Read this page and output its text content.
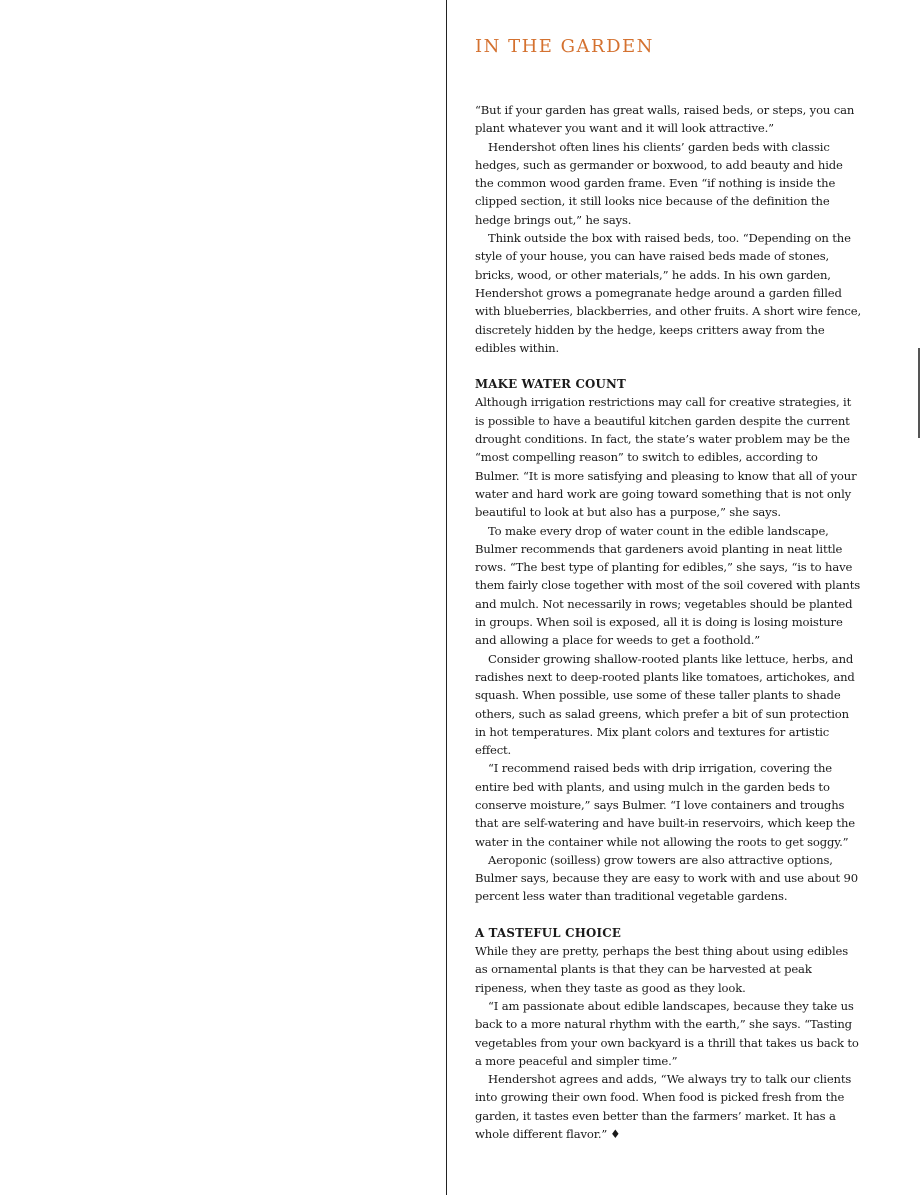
IN THE GARDEN

“But if your garden has great walls, raised beds, or steps, you can plant whatever you want and it will look attractive.”

Hendershot often lines his clients’ garden beds with classic hedges, such as germander or boxwood, to add beauty and hide the common wood garden frame. Even “if nothing is inside the clipped section, it still looks nice because of the definition the hedge brings out,” he says.

Think outside the box with raised beds, too. “Depending on the style of your house, you can have raised beds made of stones, bricks, wood, or other materials,” he adds. In his own garden, Hendershot grows a pomegranate hedge around a garden filled with blueberries, blackberries, and other fruits. A short wire fence, discretely hidden by the hedge, keeps critters away from the edibles within.

MAKE WATER COUNT

Although irrigation restrictions may call for creative strategies, it is possible to have a beautiful kitchen garden despite the current drought conditions. In fact, the state’s water problem may be the “most compelling reason” to switch to edibles, according to Bulmer. “It is more satisfying and pleasing to know that all of your water and hard work are going toward something that is not only beautiful to look at but also has a purpose,” she says.

To make every drop of water count in the edible landscape, Bulmer recommends that gardeners avoid planting in neat little rows. “The best type of planting for edibles,” she says, “is to have them fairly close together with most of the soil covered with plants and mulch. Not necessarily in rows; vegetables should be planted in groups. When soil is exposed, all it is doing is losing moisture and allowing a place for weeds to get a foothold.”

Consider growing shallow-rooted plants like lettuce, herbs, and radishes next to deep-rooted plants like tomatoes, artichokes, and squash. When possible, use some of these taller plants to shade others, such as salad greens, which prefer a bit of sun protection in hot temperatures. Mix plant colors and textures for artistic effect.

“I recommend raised beds with drip irrigation, covering the entire bed with plants, and using mulch in the garden beds to conserve moisture,” says Bulmer. “I love containers and troughs that are self-watering and have built-in reservoirs, which keep the water in the container while not allowing the roots to get soggy.”

Aeroponic (soilless) grow towers are also attractive options, Bulmer says, because they are easy to work with and use about 90 percent less water than traditional vegetable gardens.

A TASTEFUL CHOICE

While they are pretty, perhaps the best thing about using edibles as ornamental plants is that they can be harvested at peak ripeness, when they taste as good as they look.

“I am passionate about edible landscapes, because they take us back to a more natural rhythm with the earth,” she says. “Tasting vegetables from your own backyard is a thrill that takes us back to a more peaceful and simpler time.”

Hendershot agrees and adds, “We always try to talk our clients into growing their own food. When food is picked fresh from the garden, it tastes even better than the farmers’ market. It has a whole different flavor.” ♦
